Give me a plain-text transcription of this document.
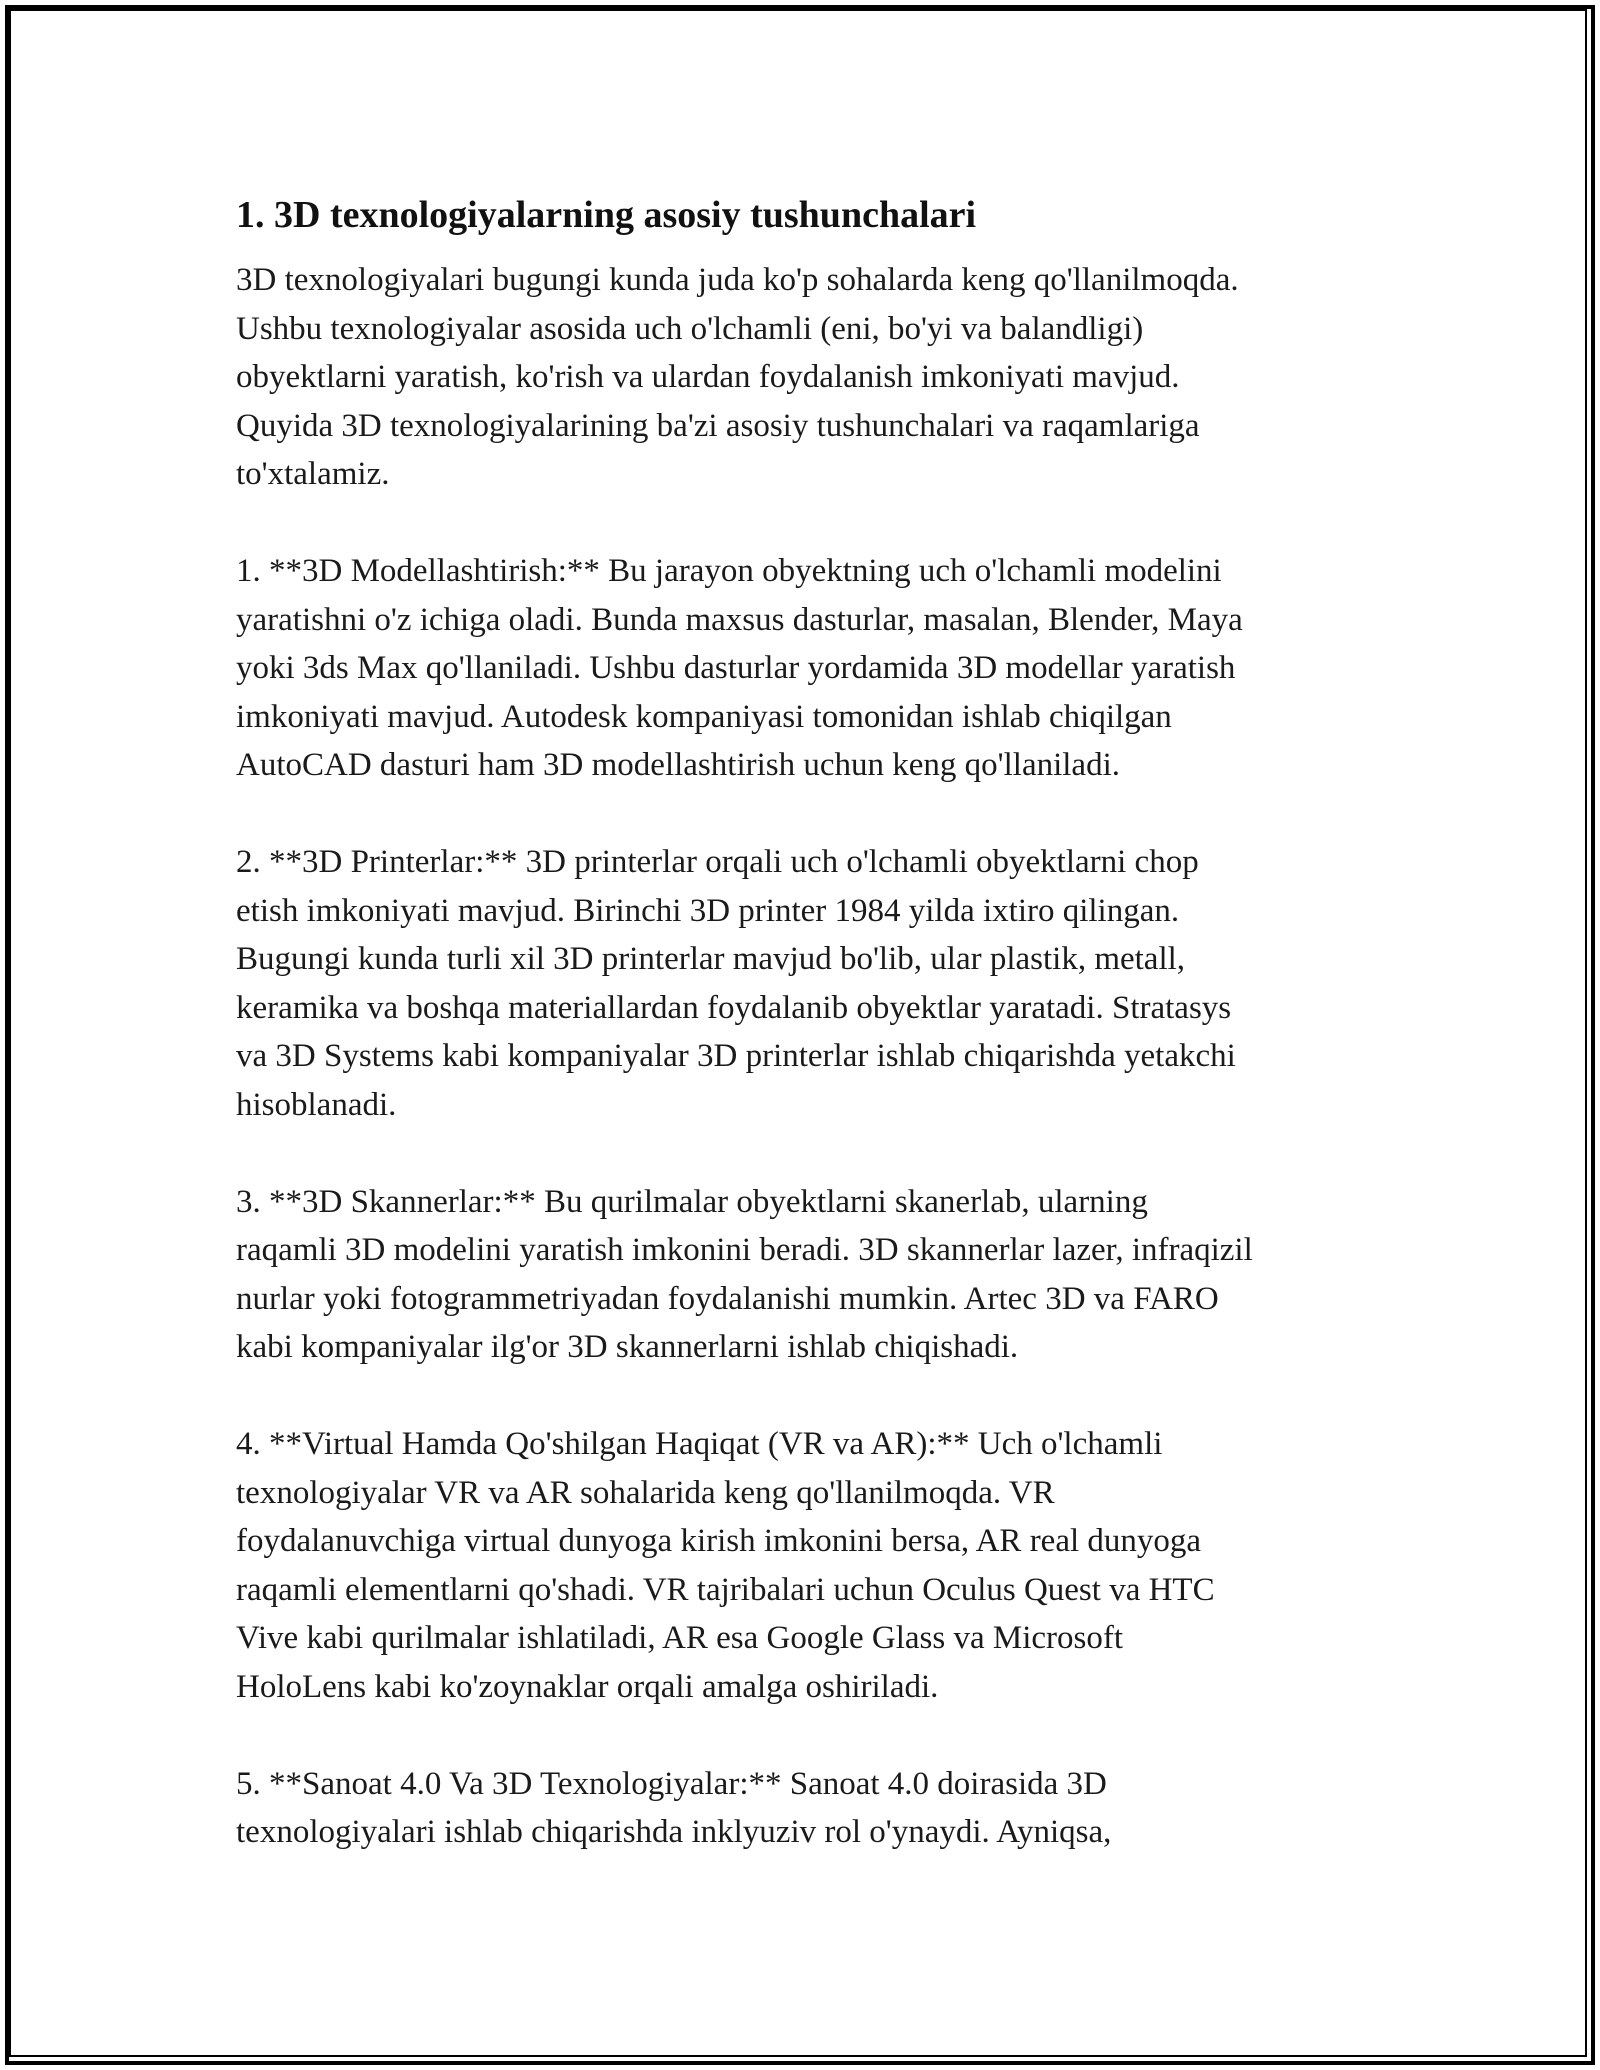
1. 3D texnologiyalarning asosiy tushunchalari

3D texnologiyalari bugungi kunda juda ko'p sohalarda keng qo'llanilmoqda.
Ushbu texnologiyalar asosida uch o'lchamli (eni, bo'yi va balandligi)
obyektlarni yaratish, ko'rish va ulardan foydalanish imkoniyati mavjud.
Quyida 3D texnologiyalarining ba'zi asosiy tushunchalari va raqamlariga
to'xtalamiz.

1. **3D Modellashtirish:** Bu jarayon obyektning uch o'lchamli modelini
yaratishni o'z ichiga oladi. Bunda maxsus dasturlar, masalan, Blender, Maya
yoki 3ds Max qo'llaniladi. Ushbu dasturlar yordamida 3D modellar yaratish
imkoniyati mavjud. Autodesk kompaniyasi tomonidan ishlab chiqilgan
AutoCAD dasturi ham 3D modellashtirish uchun keng qo'llaniladi.

2. **3D Printerlar:** 3D printerlar orqali uch o'lchamli obyektlarni chop
etish imkoniyati mavjud. Birinchi 3D printer 1984 yilda ixtiro qilingan.
Bugungi kunda turli xil 3D printerlar mavjud bo'lib, ular plastik, metall,
keramika va boshqa materiallardan foydalanib obyektlar yaratadi. Stratasys
va 3D Systems kabi kompaniyalar 3D printerlar ishlab chiqarishda yetakchi
hisoblanadi.

3. **3D Skannerlar:** Bu qurilmalar obyektlarni skanerlab, ularning
raqamli 3D modelini yaratish imkonini beradi. 3D skannerlar lazer, infraqizil
nurlar yoki fotogrammetriyadan foydalanishi mumkin. Artec 3D va FARO
kabi kompaniyalar ilg'or 3D skannerlarni ishlab chiqishadi.

4. **Virtual Hamda Qo'shilgan Haqiqat (VR va AR):** Uch o'lchamli
texnologiyalar VR va AR sohalarida keng qo'llanilmoqda. VR
foydalanuvchiga virtual dunyoga kirish imkonini bersa, AR real dunyoga
raqamli elementlarni qo'shadi. VR tajribalari uchun Oculus Quest va HTC
Vive kabi qurilmalar ishlatiladi, AR esa Google Glass va Microsoft
HoloLens kabi ko'zoynaklar orqali amalga oshiriladi.

5. **Sanoat 4.0 Va 3D Texnologiyalar:** Sanoat 4.0 doirasida 3D
texnologiyalari ishlab chiqarishda inklyuziv rol o'ynaydi. Ayniqsa,
